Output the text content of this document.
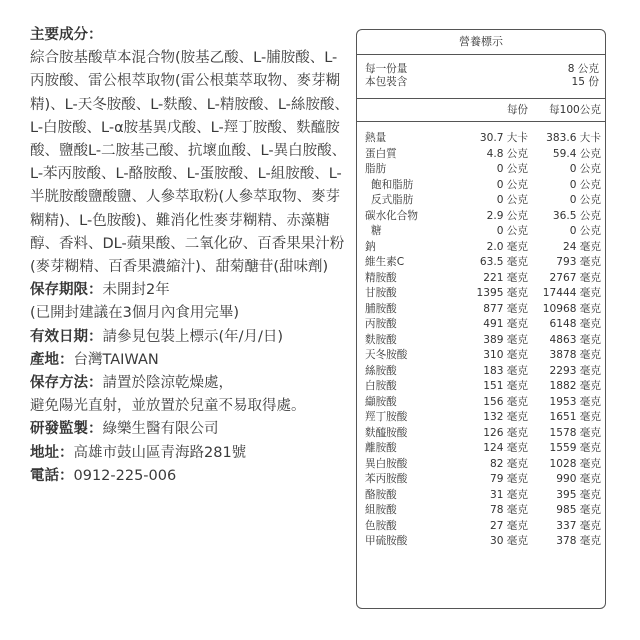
主要成分：

綜合胺基酸草本混合物(胺基乙酸、L-脯胺酸、L-丙胺酸、雷公根萃取物(雷公根葉萃取物、麥芽糊精)、L-天冬胺酸、L-麩酸、L-精胺酸、L-絲胺酸、L-白胺酸、L-α胺基異戊酸、L-羥丁胺酸、麩醯胺酸、鹽酸L-二胺基己酸、抗壞血酸、L-異白胺酸、L-苯丙胺酸、L-酪胺酸、L-蛋胺酸、L-組胺酸、L-半胱胺酸鹽酸鹽、人參萃取粉(人參萃取物、麥芽糊精)、L-色胺酸)、難消化性麥芽糊精、赤藻糖醇、香料、DL-蘋果酸、二氧化矽、百香果果汁粉(麥芽糊精、百香果濃縮汁)、甜菊醣苷(甜味劑)

保存期限：未開封2年

(已開封建議在3個月內食用完畢)

有效日期：請參見包裝上標示(年/月/日)

產地：台灣TAIWAN

保存方法：請置於陰涼乾燥處，

避免陽光直射，並放置於兒童不易取得處。

研發監製：綠樂生醫有限公司

地址：高雄市鼓山區青海路281號

電話：0912-225-006

營養標示
每一份量	8 公克
本包裝含	15 份
每份	每100公克
熱量	30.7 大卡	383.6 大卡
蛋白質	4.8 公克	59.4 公克
脂肪	0 公克	0 公克
飽和脂肪	0 公克	0 公克
反式脂肪	0 公克	0 公克
碳水化合物	2.9 公克	36.5 公克
糖	0 公克	0 公克
鈉	2.0 毫克	24 毫克
維生素C	63.5 毫克	793 毫克
精胺酸	221 毫克	2767 毫克
甘胺酸	1395 毫克	17444 毫克
脯胺酸	877 毫克	10968 毫克
丙胺酸	491 毫克	6148 毫克
麩胺酸	389 毫克	4863 毫克
天冬胺酸	310 毫克	3878 毫克
絲胺酸	183 毫克	2293 毫克
白胺酸	151 毫克	1882 毫克
纈胺酸	156 毫克	1953 毫克
羥丁胺酸	132 毫克	1651 毫克
麩醯胺酸	126 毫克	1578 毫克
離胺酸	124 毫克	1559 毫克
異白胺酸	82 毫克	1028 毫克
苯丙胺酸	79 毫克	990 毫克
酪胺酸	31 毫克	395 毫克
組胺酸	78 毫克	985 毫克
色胺酸	27 毫克	337 毫克
甲硫胺酸	30 毫克	378 毫克
